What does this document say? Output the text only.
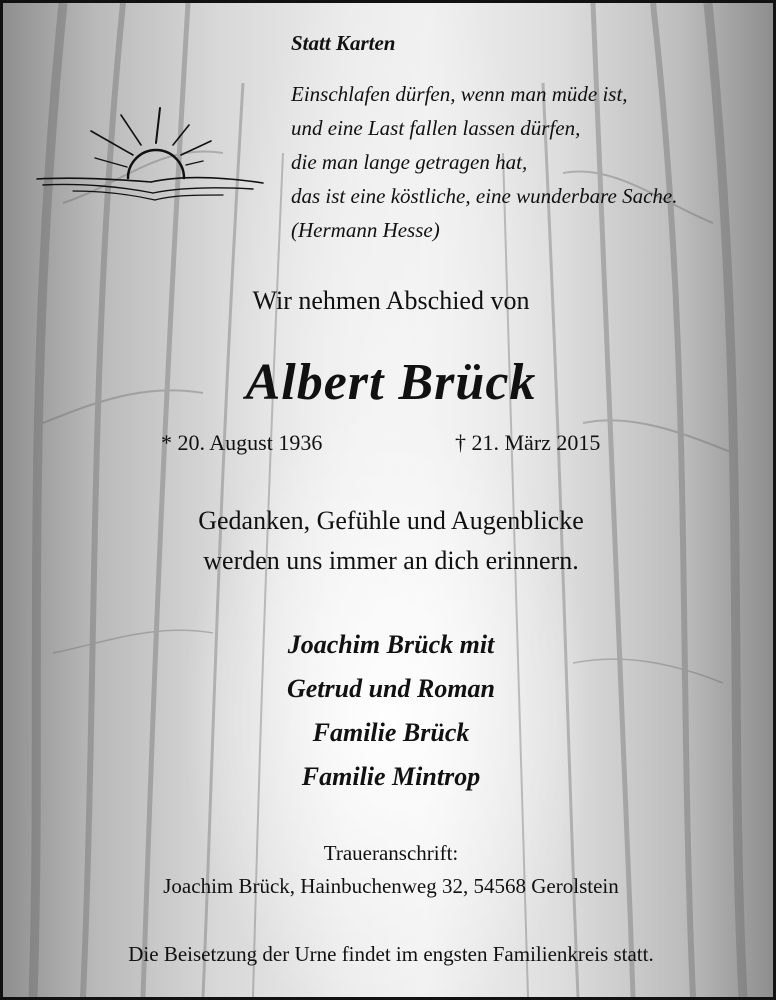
Statt Karten
Einschlafen dürfen, wenn man müde ist,
und eine Last fallen lassen dürfen,
die man lange getragen hat,
das ist eine köstliche, eine wunderbare Sache.
(Hermann Hesse)
Wir nehmen Abschied von
Albert Brück
* 20. August 1936	† 21. März 2015
Gedanken, Gefühle und Augenblicke
werden uns immer an dich erinnern.
Joachim Brück mit
Getrud und Roman
Familie Brück
Familie Mintrop
Traueranschrift:
Joachim Brück, Hainbuchenweg 32, 54568 Gerolstein
Die Beisetzung der Urne findet im engsten Familienkreis statt.
